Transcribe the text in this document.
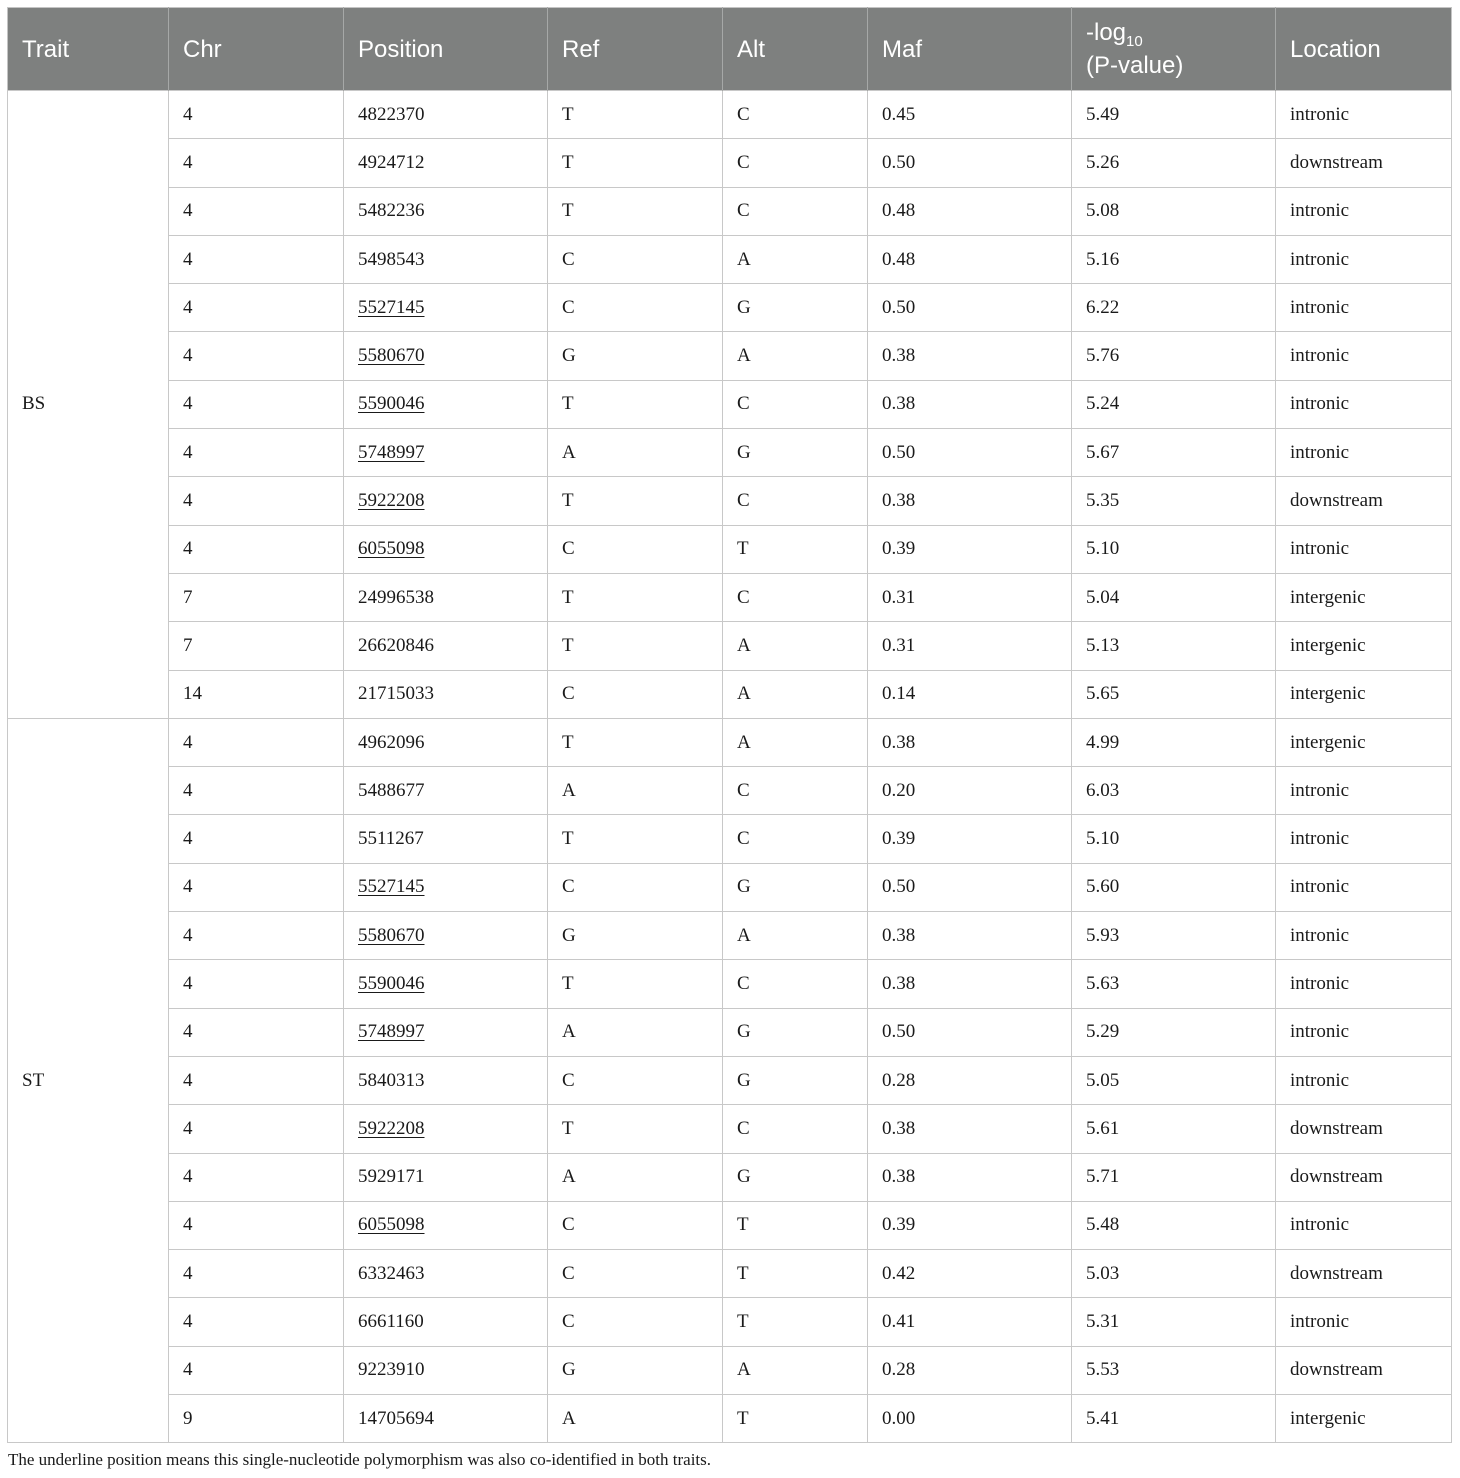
Trait	Chr	Position	Ref	Alt	Maf	$-\log_{10}$
(P-value)	Location
BS	4	4822370	T	C	0.45	5.49	intronic
	4	4924712	T	C	0.50	5.26	downstream
	4	5482236	T	C	0.48	5.08	intronic
	4	5498543	C	A	0.48	5.16	intronic
	4	5527145	C	G	0.50	6.22	intronic
	4	5580670	G	A	0.38	5.76	intronic
	4	5590046	T	C	0.38	5.24	intronic
	4	5748997	A	G	0.50	5.67	intronic
	4	5922208	T	C	0.38	5.35	downstream
	4	6055098	C	T	0.39	5.10	intronic
	7	24996538	T	C	0.31	5.04	intergenic
	7	26620846	T	A	0.31	5.13	intergenic
	14	21715033	C	A	0.14	5.65	intergenic
ST	4	4962096	T	A	0.38	4.99	intergenic
	4	5488677	A	C	0.20	6.03	intronic
	4	5511267	T	C	0.39	5.10	intronic
	4	5527145	C	G	0.50	5.60	intronic
	4	5580670	G	A	0.38	5.93	intronic
	4	5590046	T	C	0.38	5.63	intronic
	4	5748997	A	G	0.50	5.29	intronic
	4	5840313	C	G	0.28	5.05	intronic
	4	5922208	T	C	0.38	5.61	downstream
	4	5929171	A	G	0.38	5.71	downstream
	4	6055098	C	T	0.39	5.48	intronic
	4	6332463	C	T	0.42	5.03	downstream
	4	6661160	C	T	0.41	5.31	intronic
	4	9223910	G	A	0.28	5.53	downstream
	9	14705694	A	T	0.00	5.41	intergenic
The underline position means this single-nucleotide polymorphism was also co-identified in both traits.
